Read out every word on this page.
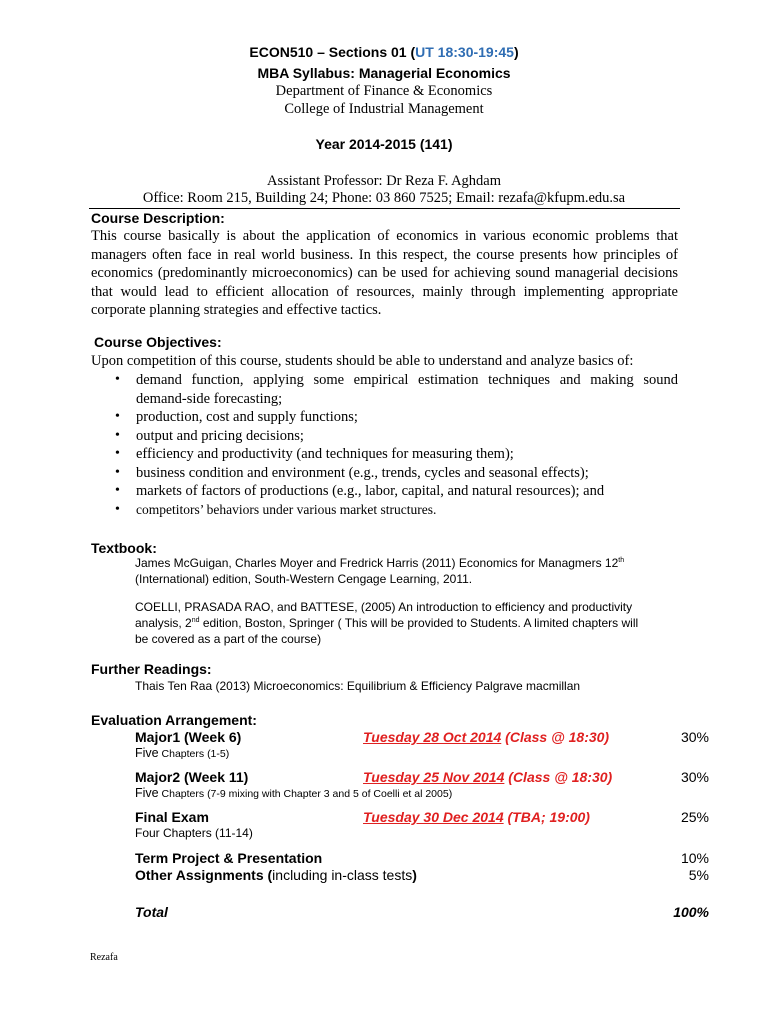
ECON510 – Sections 01 (UT 18:30-19:45)
MBA Syllabus: Managerial Economics
Department of Finance & Economics
College of Industrial Management
Year 2014-2015 (141)
Assistant Professor: Dr Reza F. Aghdam
Office: Room 215, Building 24; Phone: 03 860 7525; Email: rezafa@kfupm.edu.sa
Course Description:
This course basically is about the application of economics in various economic problems that managers often face in real world business. In this respect, the course presents how principles of economics (predominantly microeconomics) can be used for achieving sound managerial decisions that would lead to efficient allocation of resources, mainly through implementing appropriate corporate planning strategies and effective tactics.
Course Objectives:
Upon competition of this course, students should be able to understand and analyze basics of:
• demand function, applying some empirical estimation techniques and making sound demand-side forecasting;
• production, cost and supply functions;
• output and pricing decisions;
• efficiency and productivity (and techniques for measuring them);
• business condition and environment (e.g., trends, cycles and seasonal effects);
• markets of factors of productions (e.g., labor, capital, and natural resources); and
• competitors’ behaviors under various market structures.
Textbook:
James McGuigan, Charles Moyer and Fredrick Harris (2011) Economics for Managmers 12th
(International) edition, South-Western Cengage Learning, 2011.
COELLI, PRASADA RAO, and BATTESE, (2005) An introduction to efficiency and productivity
analysis, 2nd edition, Boston, Springer ( This will be provided to Students. A limited chapters will
be covered as a part of the course)
Further Readings:
Thais Ten Raa (2013) Microeconomics: Equilibrium & Efficiency Palgrave macmillan
Evaluation Arrangement:
Major1 (Week 6)	Tuesday 28 Oct 2014 (Class @ 18:30)	30%
Five Chapters (1-5)
Major2 (Week 11)	Tuesday 25 Nov 2014 (Class @ 18:30)	30%
Five Chapters (7-9 mixing with Chapter 3 and 5 of Coelli et al 2005)
Final Exam	Tuesday 30 Dec 2014 (TBA; 19:00)	25%
Four Chapters (11-14)
Term Project & Presentation	10%
Other Assignments (including in-class tests)	5%
Total	100%
Rezafa
